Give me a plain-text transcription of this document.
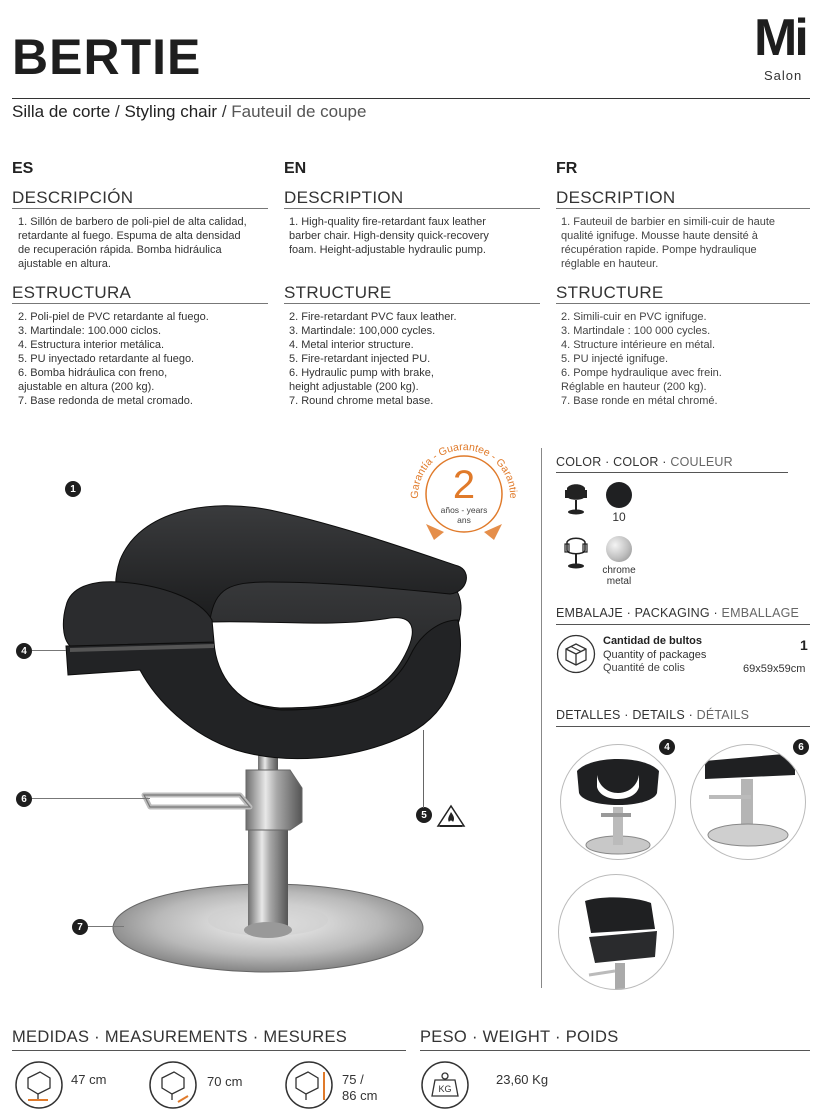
BERTIE	Mi
Salon
Silla de corte / Styling chair / Fauteuil de coupe
ES
DESCRIPCIÓN
1. Sillón de barbero de poli-piel de alta calidad,
retardante al fuego. Espuma de alta densidad
de recuperación rápida. Bomba hidráulica
ajustable en altura.
ESTRUCTURA
2. Poli-piel de PVC retardante al fuego.
3. Martindale: 100.000 ciclos.
4. Estructura interior metálica.
5. PU inyectado retardante al fuego.
6. Bomba hidráulica con freno,
ajustable en altura (200 kg).
7. Base redonda de metal cromado.
EN
DESCRIPTION
1. High-quality fire-retardant faux leather
barber chair. High-density quick-recovery
foam. Height-adjustable hydraulic pump.
STRUCTURE
2. Fire-retardant PVC faux leather.
3. Martindale: 100,000 cycles.
4. Metal interior structure.
5. Fire-retardant injected PU.
6. Hydraulic pump with brake,
height adjustable (200 kg).
7. Round chrome metal base.
FR
DESCRIPTION
1. Fauteuil de barbier en simili-cuir de haute
qualité ignifuge. Mousse haute densité à
récupération rapide. Pompe hydraulique
réglable en hauteur.
STRUCTURE
2. Simili-cuir en PVC ignifuge.
3. Martindale : 100 000 cycles.
4. Structure intérieure en métal.
5. PU injecté ignifuge.
6. Pompe hydraulique avec frein.
Réglable en hauteur (200 kg).
7. Base ronde en métal chromé.
Garantía - Guarantee - Garantie
2
años - years
ans
1
4
6
7
5
COLOR · COLOR · COULEUR
10
chrome
metal
EMBALAJE · PACKAGING · EMBALLAGE
Cantidad de bultos
Quantity of packages
Quantité de colis
1
69x59x59cm
DETALLES · DETAILS · DÉTAILS
4	6
MEDIDAS · MEASUREMENTS · MESURES
47 cm	70 cm	75 /
86 cm
PESO · WEIGHT · POIDS
KG
23,60 Kg
